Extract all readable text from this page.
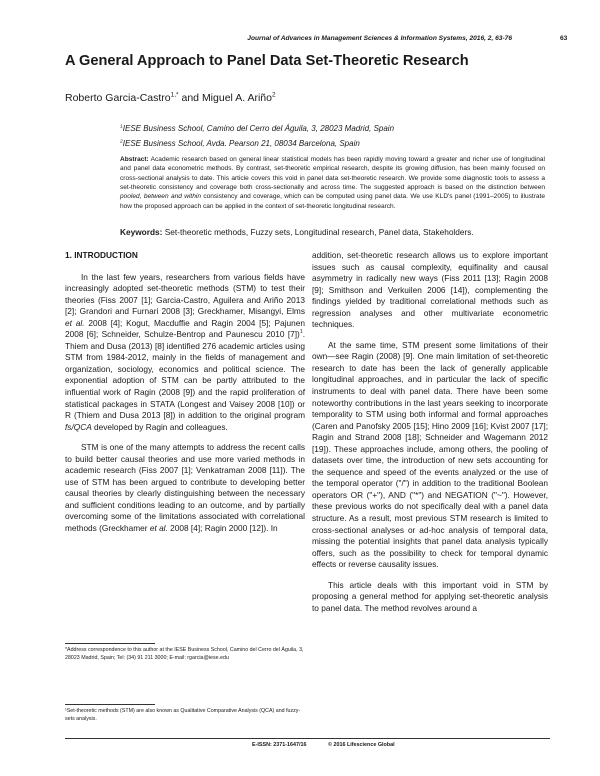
Journal of Advances in Management Sciences & Information Systems, 2016, 2, 63-76	63
A General Approach to Panel Data Set-Theoretic Research
Roberto Garcia-Castro$^{1,*}$ and Miguel A. Ariño$^2$
$^1$IESE Business School, Camino del Cerro del Águila, 3, 28023 Madrid, Spain
$^2$IESE Business School, Avda. Pearson 21, 08034 Barcelona, Spain
Abstract: Academic research based on general linear statistical models has been rapidly moving toward a greater and richer use of longitudinal and panel data econometric methods. By contrast, set-theoretic empirical research, despite its growing diffusion, has been mainly focused on cross-sectional analysis to date. This article covers this void in panel data set-theoretic research. We provide some diagnostic tools to assess a set-theoretic consistency and coverage both cross-sectionally and across time. The suggested approach is based on the distinction between pooled, between and within consistency and coverage, which can be computed using panel data. We use KLD's panel (1991–2005) to illustrate how the proposed approach can be applied in the context of set-theoretic longitudinal research.
Keywords: Set-theoretic methods, Fuzzy sets, Longitudinal research, Panel data, Stakeholders.
1. INTRODUCTION

In the last few years, researchers from various fields have increasingly adopted set-theoretic methods (STM) to test their theories (Fiss 2007 [1]; Garcia-Castro, Aguilera and Ariño 2013 [2]; Grandori and Furnari 2008 [3]; Greckhamer, Misangyi, Elms et al. 2008 [4]; Kogut, Macduffie and Ragin 2004 [5]; Pajunen 2008 [6]; Schneider, Schulze-Bentrop and Paunescu 2010 [7])$^1$. Thiem and Dusa (2013) [8] identified 276 academic articles using STM from 1984-2012, mainly in the fields of management and organization, sociology, economics and political science. The exponential adoption of STM can be partly attributed to the influential work of Ragin (2008 [9]) and the rapid proliferation of statistical packages in STATA (Longest and Vaisey 2008 [10]) or R (Thiem and Dusa 2013 [8]) in addition to the original program fs/QCA developed by Ragin and colleagues.

STM is one of the many attempts to address the recent calls to build better causal theories and use more varied methods in academic research (Fiss 2007 [1]; Venkatraman 2008 [11]). The use of STM has been argued to contribute to developing better causal theories by clearly distinguishing between the necessary and sufficient conditions leading to an outcome, and by partially overcoming some of the limitations associated with correlational methods (Greckhamer et al. 2008 [4]; Ragin 2000 [12]). In

*Address correspondence to this author at the IESE Business School, Camino del Cerro del Águila, 3, 28023 Madrid, Spain; Tel: (34) 91 211 3000; E-mail: rgarcia@iese.edu
¹Set-theoretic methods (STM) are also known as Qualitative Comparative Analysis (QCA) and fuzzy-sets analysis.

addition, set-theoretic research allows us to explore important issues such as causal complexity, equifinality and causal asymmetry in radically new ways (Fiss 2011 [13]; Ragin 2008 [9]; Smithson and Verkuilen 2006 [14]), complementing the findings yielded by traditional correlational methods such as regression analyses and other multivariate econometric techniques.

At the same time, STM present some limitations of their own—see Ragin (2008) [9]. One main limitation of set-theoretic research to date has been the lack of generally applicable longitudinal approaches, and in particular the lack of specific instruments to deal with panel data. There have been some noteworthy contributions in the last years seeking to incorporate temporality to STM using both informal and formal approaches (Caren and Panofsky 2005 [15]; Hino 2009 [16]; Kvist 2007 [17]; Ragin and Strand 2008 [18]; Schneider and Wagemann 2012 [19]). These approaches include, among others, the pooling of datasets over time, the introduction of new sets accounting for the sequence and speed of the events analyzed or the use of the temporal operator ("/") in addition to the traditional Boolean operators OR ("+"), AND ("*") and NEGATION ("~"). However, these previous works do not specifically deal with a panel data structure. As a result, most previous STM research is limited to cross-sectional analyses or ad-hoc analysis of temporal data, missing the potential insights that panel data analysis typically offers, such as the possibility to check for temporal dynamic effects or reverse causality issues.

This article deals with this important void in STM by proposing a general method for applying set-theoretic analysis to panel data. The method revolves around a

E-ISSN: 2371-1647/16	© 2016 Lifescience Global
